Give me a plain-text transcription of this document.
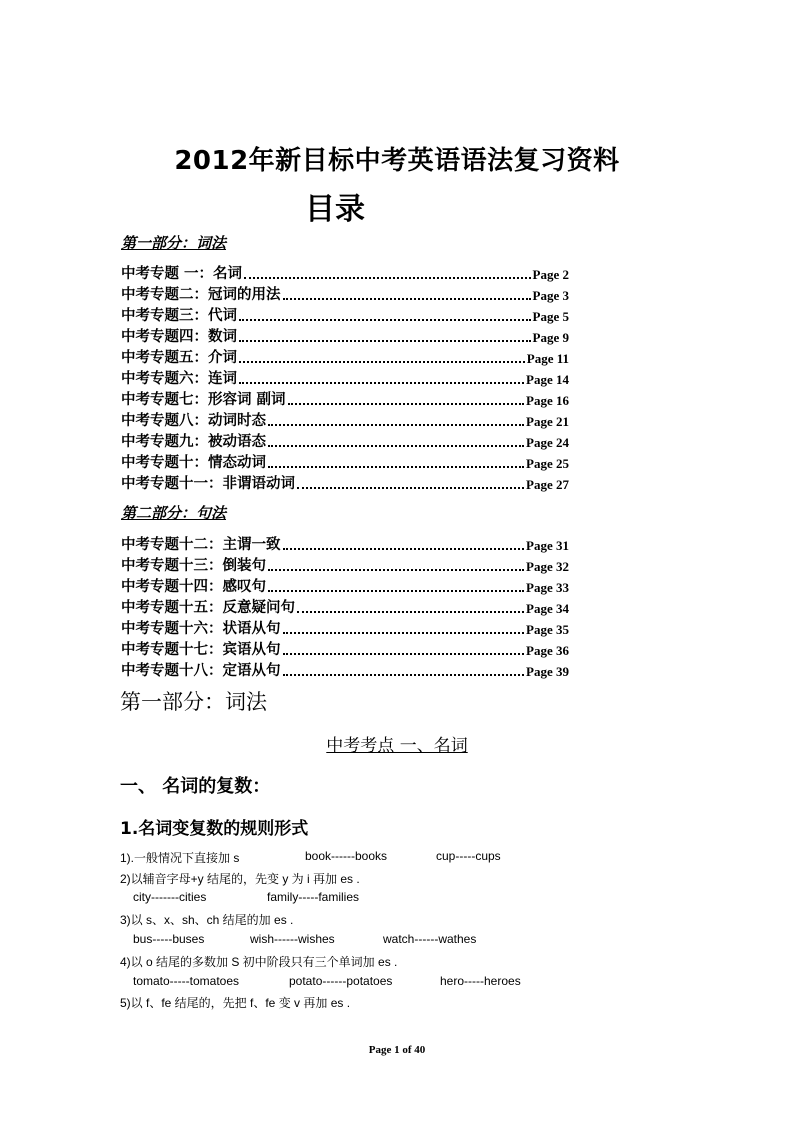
2012年新目标中考英语语法复习资料
目录
第一部分：词法
中考专题 一：名词	Page 2
中考专题二：冠词的用法	Page 3
中考专题三：代词	Page 5
中考专题四：数词	Page 9
中考专题五：介词	Page 11
中考专题六：连词	Page 14
中考专题七：形容词 副词	Page 16
中考专题八：动词时态	Page 21
中考专题九：被动语态	Page 24
中考专题十：情态动词	Page 25
中考专题十一：非谓语动词	Page 27
第二部分：句法
中考专题十二：主谓一致	Page 31
中考专题十三：倒装句	Page 32
中考专题十四：感叹句	Page 33
中考专题十五：反意疑问句	Page 34
中考专题十六：状语从句	Page 35
中考专题十七：宾语从句	Page 36
中考专题十八：定语从句	Page 39
第一部分：词法
中考考点 一、名词
一、 名词的复数：
1.名词变复数的规则形式
1).一般情况下直接加 s	book------books	cup-----cups
2)以辅音字母+y 结尾的，先变 y 为 i 再加 es .
city-------cities	family-----families
3)以 s、x、sh、ch 结尾的加 es .
bus-----buses	wish------wishes	watch------wathes
4)以 o 结尾的多数加 S 初中阶段只有三个单词加 es .
tomato-----tomatoes	potato------potatoes	hero-----heroes
5)以 f、fe 结尾的，先把 f、fe 变 v 再加 es .
Page 1 of 40
